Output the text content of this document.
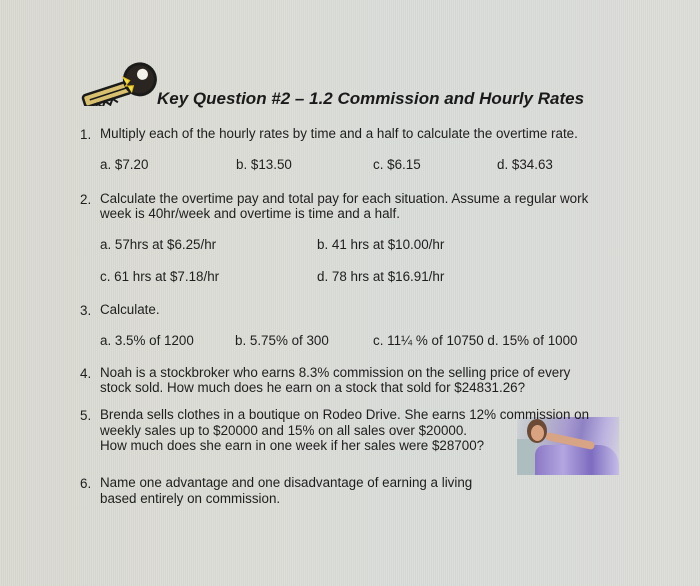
Key Question #2 – 1.2 Commission and Hourly Rates
1. Multiply each of the hourly rates by time and a half to calculate the overtime rate.
a. $7.20	b. $13.50	c. $6.15	d. $34.63
2. Calculate the overtime pay and total pay for each situation. Assume a regular work
week is 40hr/week and overtime is time and a half.
a. 57hrs at $6.25/hr	b. 41 hrs at $10.00/hr
c. 61 hrs at $7.18/hr	d. 78 hrs at $16.91/hr
3. Calculate.
a. 3.5% of 1200	b. 5.75% of 300	c. 11¼ % of 10750 d. 15% of 1000
4. Noah is a stockbroker who earns 8.3% commission on the selling price of every
stock sold. How much does he earn on a stock that sold for $24831.26?
5. Brenda sells clothes in a boutique on Rodeo Drive. She earns 12% commission on
weekly sales up to $20000 and 15% on all sales over $20000.
How much does she earn in one week if her sales were $28700?
6. Name one advantage and one disadvantage of earning a living
based entirely on commission.
